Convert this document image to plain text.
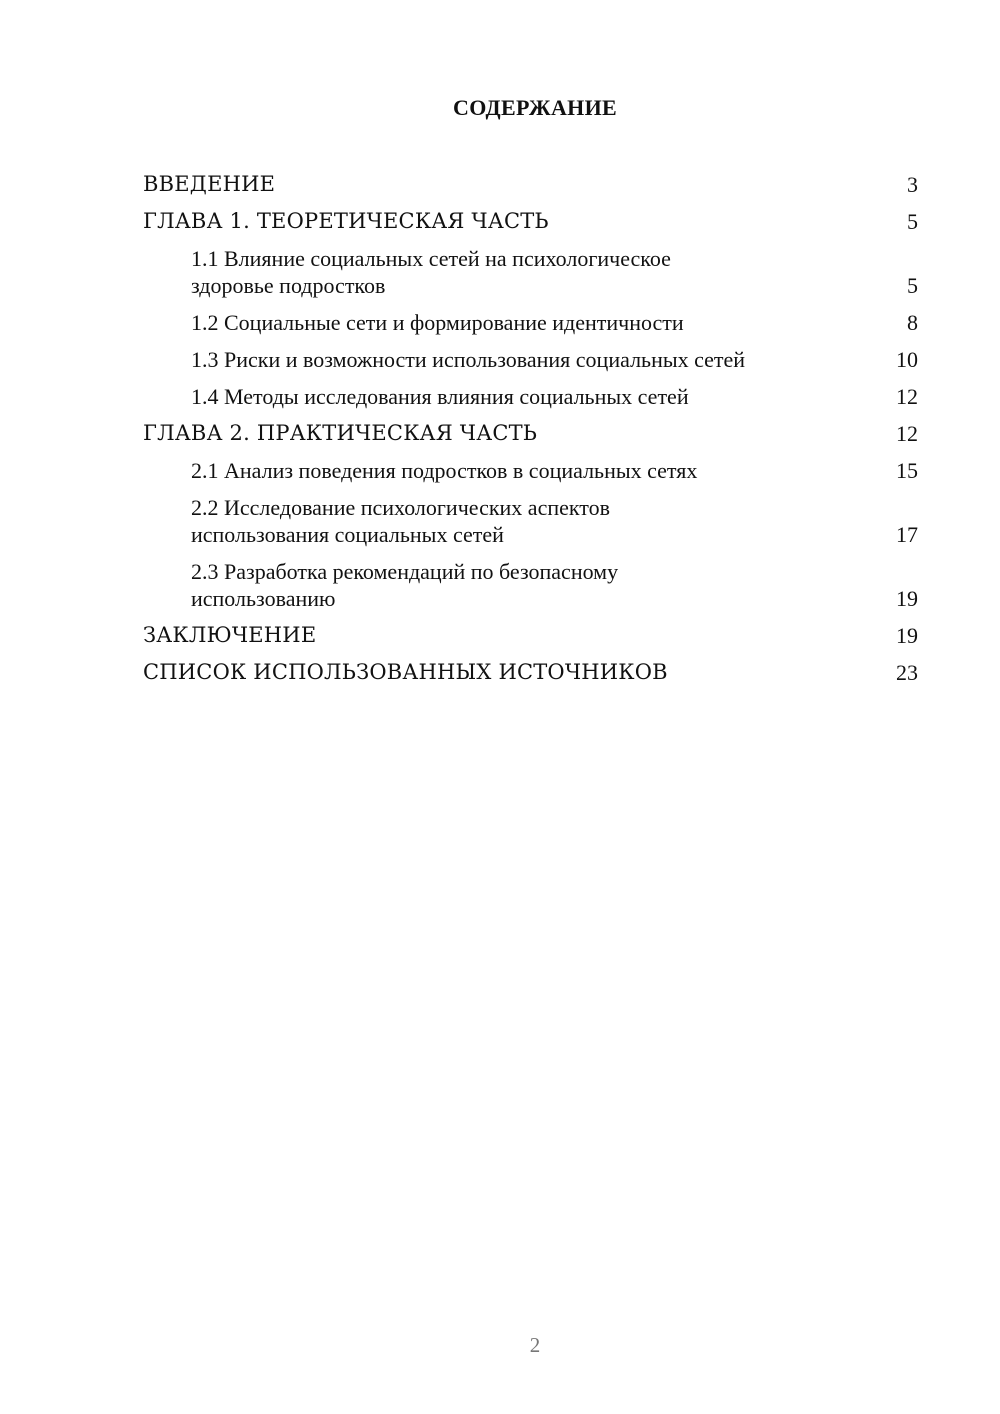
СОДЕРЖАНИЕ
ВВЕДЕНИЕ	3
ГЛАВА 1. ТЕОРЕТИЧЕСКАЯ ЧАСТЬ	5
1.1 Влияние социальных сетей на психологическое здоровье подростков	5
1.2 Социальные сети и формирование идентичности	8
1.3 Риски и возможности использования социальных сетей	10
1.4 Методы исследования влияния социальных сетей	12
ГЛАВА 2. ПРАКТИЧЕСКАЯ ЧАСТЬ	12
2.1 Анализ поведения подростков в социальных сетях	15
2.2 Исследование психологических аспектов использования социальных сетей	17
2.3 Разработка рекомендаций по безопасному использованию	19
ЗАКЛЮЧЕНИЕ	19
СПИСОК ИСПОЛЬЗОВАННЫХ ИСТОЧНИКОВ	23
2
